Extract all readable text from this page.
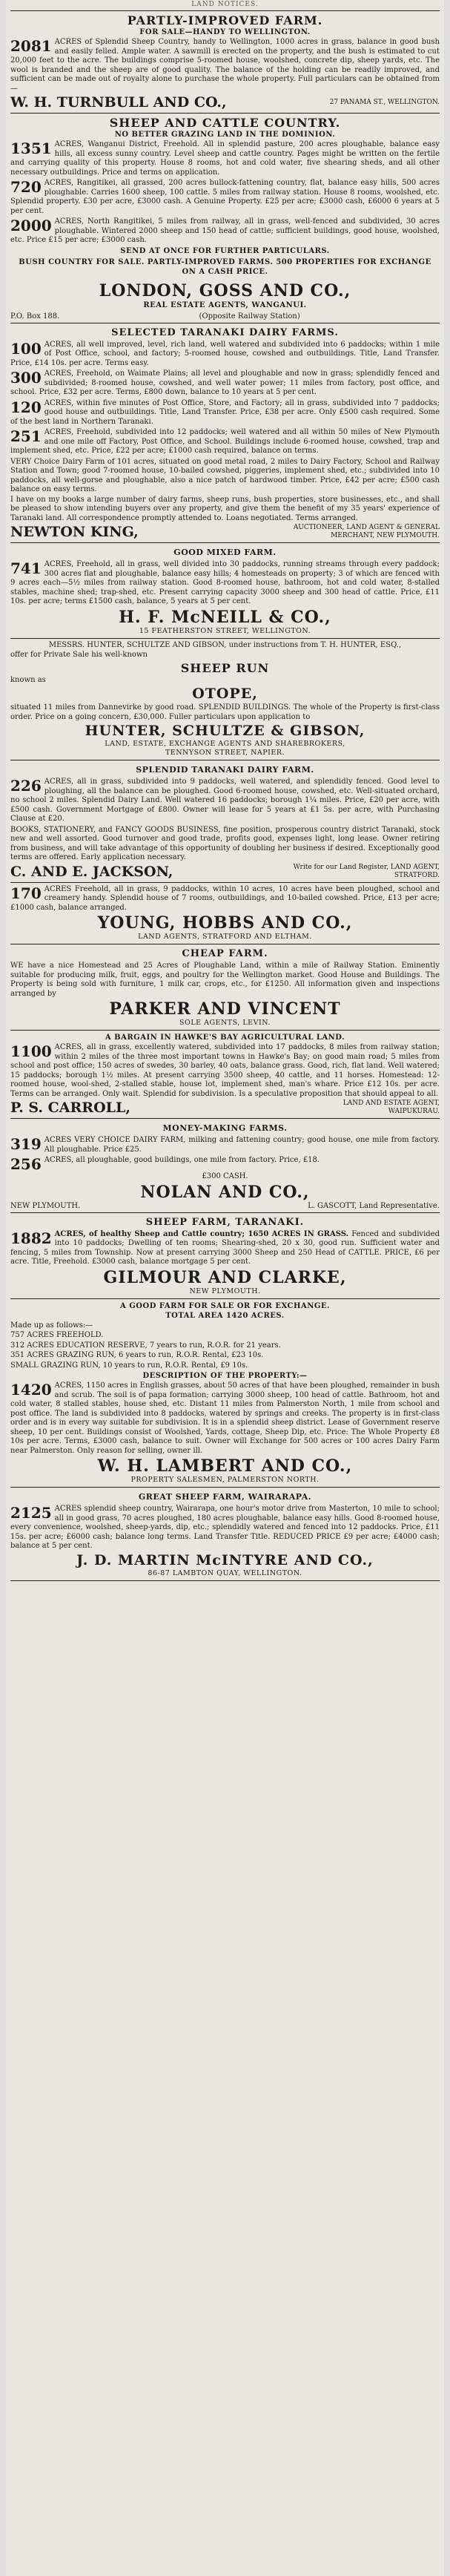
LAND NOTICES.
PARTLY-IMPROVED FARM.
FOR SALE—HANDY TO WELLINGTON.
2081 ACRES of Splendid Sheep Country, handy to Wellington, 1000 acres in grass, balance in good bush and easily felled. Ample water. A sawmill is erected on the property, and the bush is estimated to cut 20,000 feet to the acre. The buildings comprise 5-roomed house, woolshed, concrete dip, sheep yards, etc. The wool is branded and the sheep are of good quality. The balance of the holding can be readily improved, and sufficient can be made out of royalty alone to purchase the whole property. Full particulars can be obtained from—
W. H. TURNBULL AND CO.,	27 PANAMA ST., WELLINGTON.
SHEEP AND CATTLE COUNTRY.
NO BETTER GRAZING LAND IN THE DOMINION.
1351 ACRES, Wanganui District, Freehold. All in splendid pasture, 200 acres ploughable, balance easy hills, all excess sunny country. Level sheep and cattle country. Pages might be written on the fertile and carrying quality of this property. House 8 rooms, hot and cold water, five shearing sheds, and all other necessary outbuildings. Price and terms on application.
720 ACRES, Rangitikei, all grassed, 200 acres bullock-fattening country, flat, balance easy hills, 500 acres ploughable. Carries 1600 sheep, 100 cattle. 5 miles from railway station. House 8 rooms, woolshed, etc. Splendid property. £30 per acre, £3000 cash. A Genuine Property. £25 per acre; £3000 cash, £6000 6 years at 5 per cent.
2000 ACRES, North Rangitikei, 5 miles from railway, all in grass, well-fenced and subdivided, 30 acres ploughable. Wintered 2000 sheep and 150 head of cattle; sufficient buildings, good house, woolshed, etc. Price £15 per acre; £3000 cash.
SEND AT ONCE FOR FURTHER PARTICULARS.
BUSH COUNTRY FOR SALE. PARTLY-IMPROVED FARMS. 500 PROPERTIES FOR EXCHANGE ON A CASH PRICE.
LONDON, GOSS AND CO.,
REAL ESTATE AGENTS, WANGANUI.
P.O. Box 188.	(Opposite Railway Station)
SELECTED TARANAKI DAIRY FARMS.
100 ACRES, all well improved, level, rich land, well watered and subdivided into 6 paddocks; within 1 mile of Post Office, school, and factory; 5-roomed house, cowshed and outbuildings. Title, Land Transfer. Price, £14 10s. per acre. Terms easy.
300 ACRES, Freehold, on Waimate Plains; all level and ploughable and now in grass; splendidly fenced and subdivided; 8-roomed house, cowshed, and well water power; 11 miles from factory, post office, and school. Price, £32 per acre. Terms, £800 down, balance to 10 years at 5 per cent.
120 ACRES, within five minutes of Post Office, Store, and Factory; all in grass, subdivided into 7 paddocks; good house and outbuildings. Title, Land Transfer. Price, £38 per acre. Only £500 cash required. Some of the best land in Northern Taranaki.
251 ACRES, Freehold, subdivided into 12 paddocks; well watered and all within 50 miles of New Plymouth and one mile off Factory, Post Office, and School. Buildings include 6-roomed house, cowshed, trap and implement shed, etc. Price, £22 per acre; £1000 cash required, balance on terms.
VERY Choice Dairy Farm of 101 acres, situated on good metal road, 2 miles to Dairy Factory, School and Railway Station and Town; good 7-roomed house, 10-bailed cowshed, piggeries, implement shed, etc.; subdivided into 10 paddocks, all well-gorse and ploughable, also a nice patch of hardwood timber. Price, £42 per acre; £500 cash balance on easy terms.
I have on my books a large number of dairy farms, sheep runs, bush properties, store businesses, etc., and shall be pleased to show intending buyers over any property, and give them the benefit of my 35 years' experience of Taranaki land. All correspondence promptly attended to. Loans negotiated. Terms arranged.
NEWTON KING,	AUCTIONEER, LAND AGENT & GENERAL MERCHANT, NEW PLYMOUTH.
GOOD MIXED FARM.
741 ACRES, Freehold, all in grass, well divided into 30 paddocks, running streams through every paddock; 300 acres flat and ploughable, balance easy hills; 4 homesteads on property; 3 of which are fenced with 9 acres each—5½ miles from railway station. Good 8-roomed house, bathroom, hot and cold water, 8-stalled stables, machine shed; trap-shed, etc. Present carrying capacity 3000 sheep and 300 head of cattle. Price, £11 10s. per acre; terms £1500 cash, balance, 5 years at 5 per cent.
H. F. McNEILL & CO.,
15 FEATHERSTON STREET, WELLINGTON.
MESSRS. HUNTER, SCHULTZE AND GIBSON, under instructions from T. H. HUNTER, ESQ.,
offer for Private Sale his well-known
SHEEP RUN
known as
OTOPE,
situated 11 miles from Dannevirke by good road. SPLENDID BUILDINGS. The whole of the Property is first-class order. Price on a going concern, £30,000. Fuller particulars upon application to
HUNTER, SCHULTZE & GIBSON,
LAND, ESTATE, EXCHANGE AGENTS AND SHAREBROKERS,
TENNYSON STREET, NAPIER.
SPLENDID TARANAKI DAIRY FARM.
226 ACRES, all in grass, subdivided into 9 paddocks, well watered, and splendidly fenced. Good level to ploughing, all the balance can be ploughed. Good 6-roomed house, cowshed, etc. Well-situated orchard, no school 2 miles. Splendid Dairy Land. Well watered 16 paddocks; borough 1¼ miles. Price, £20 per acre, with £500 cash. Government Mortgage of £800. Owner will lease for 5 years at £1 5s. per acre, with Purchasing Clause at £20.
BOOKS, STATIONERY, and FANCY GOODS BUSINESS, fine position, prosperous country district Taranaki, stock new and well assorted. Good turnover and good trade, profits good, expenses light, long lease. Owner retiring from business, and will take advantage of this opportunity of doubling her business if desired. Exceptionally good terms are offered. Early application necessary.
C. AND E. JACKSON,	Write for our Land Register, LAND AGENT, STRATFORD.
170 ACRES Freehold, all in grass, 9 paddocks, within 10 acres, 10 acres have been ploughed, school and creamery handy. Splendid house of 7 rooms, outbuildings, and 10-bailed cowshed. Price, £13 per acre; £1000 cash, balance arranged.
YOUNG, HOBBS AND CO.,
LAND AGENTS, STRATFORD AND ELTHAM.
CHEAP FARM.
WE have a nice Homestead and 25 Acres of Ploughable Land, within a mile of Railway Station. Eminently suitable for producing milk, fruit, eggs, and poultry for the Wellington market. Good House and Buildings. The Property is being sold with furniture, 1 milk car, crops, etc., for £1250. All information given and inspections arranged by
PARKER AND VINCENT
SOLE AGENTS, LEVIN.
A BARGAIN IN HAWKE'S BAY AGRICULTURAL LAND.
1100 ACRES, all in grass, excellently watered, subdivided into 17 paddocks, 8 miles from railway station; within 2 miles of the three most important towns in Hawke's Bay; on good main road; 5 miles from school and post office; 150 acres of swedes, 30 barley, 40 oats, balance grass. Good, rich, flat land. Well watered; 15 paddocks; borough 1½ miles. At present carrying 3500 sheep, 40 cattle, and 11 horses. Homestead: 12-roomed house, wool-shed, 2-stalled stable, house lot, implement shed, man's whare. Price £12 10s. per acre. Terms can be arranged. Only wait. Splendid for subdivision. Is a speculative proposition that should appeal to all.
P. S. CARROLL,	LAND AND ESTATE AGENT, WAIPUKURAU.
MONEY-MAKING FARMS.
319 ACRES VERY CHOICE DAIRY FARM, milking and fattening country; good house, one mile from factory. All ploughable. Price £25.
256 ACRES, all ploughable, good buildings, one mile from factory. Price, £18.
£300 CASH.
NOLAN AND CO.,
NEW PLYMOUTH.	L. GASCOTT, Land Representative.
SHEEP FARM, TARANAKI.
1882 ACRES, of healthy Sheep and Cattle country; 1650 ACRES IN GRASS. Fenced and subdivided into 10 paddocks; Dwelling of ten rooms; Shearing-shed, 20 x 30, good run. Sufficient water and fencing, 5 miles from Township. Now at present carrying 3000 Sheep and 250 Head of CATTLE. PRICE, £6 per acre. Title, Freehold. £3000 cash, balance mortgage 5 per cent.
GILMOUR AND CLARKE,
NEW PLYMOUTH.
A GOOD FARM FOR SALE OR FOR EXCHANGE.
TOTAL AREA 1420 ACRES.
Made up as follows:—
757 ACRES FREEHOLD.
312 ACRES EDUCATION RESERVE, 7 years to run, R.O.R. for 21 years.
351 ACRES GRAZING RUN, 6 years to run, R.O.R. Rental, £23 10s.
SMALL GRAZING RUN, 10 years to run, R.O.R. Rental, £9 10s.
DESCRIPTION OF THE PROPERTY:—
1420 ACRES, 1150 acres in English grasses, about 50 acres of that have been ploughed, remainder in bush and scrub. The soil is of papa formation; carrying 3000 sheep, 100 head of cattle. Bathroom, hot and cold water, 8 stalled stables, house shed, etc. Distant 11 miles from Palmerston North, 1 mile from school and post office. The land is subdivided into 8 paddocks, watered by springs and creeks. The property is in first-class order and is in every way suitable for subdivision. It is in a splendid sheep district. Lease of Government reserve sheep, 10 per cent. Buildings consist of Woolshed, Yards, cottage, Sheep Dip, etc. Price: The Whole Property £8 10s per acre. Terms, £3000 cash, balance to suit. Owner will Exchange for 500 acres or 100 acres Dairy Farm near Palmerston. Only reason for selling, owner ill.
W. H. LAMBERT AND CO.,
PROPERTY SALESMEN, PALMERSTON NORTH.
GREAT SHEEP FARM, WAIRARAPA.
2125 ACRES splendid sheep country, Wairarapa, one hour's motor drive from Masterton, 10 mile to school; all in good grass, 70 acres ploughed, 180 acres ploughable, balance easy hills. Good 8-roomed house, every convenience, woolshed, sheep-yards, dip, etc.; splendidly watered and fenced into 12 paddocks. Price, £11 15s. per acre; £6000 cash; balance long terms. Land Transfer Title. REDUCED PRICE £9 per acre; £4000 cash; balance at 5 per cent.
J. D. MARTIN McINTYRE AND CO.,
86-87 LAMBTON QUAY, WELLINGTON.
